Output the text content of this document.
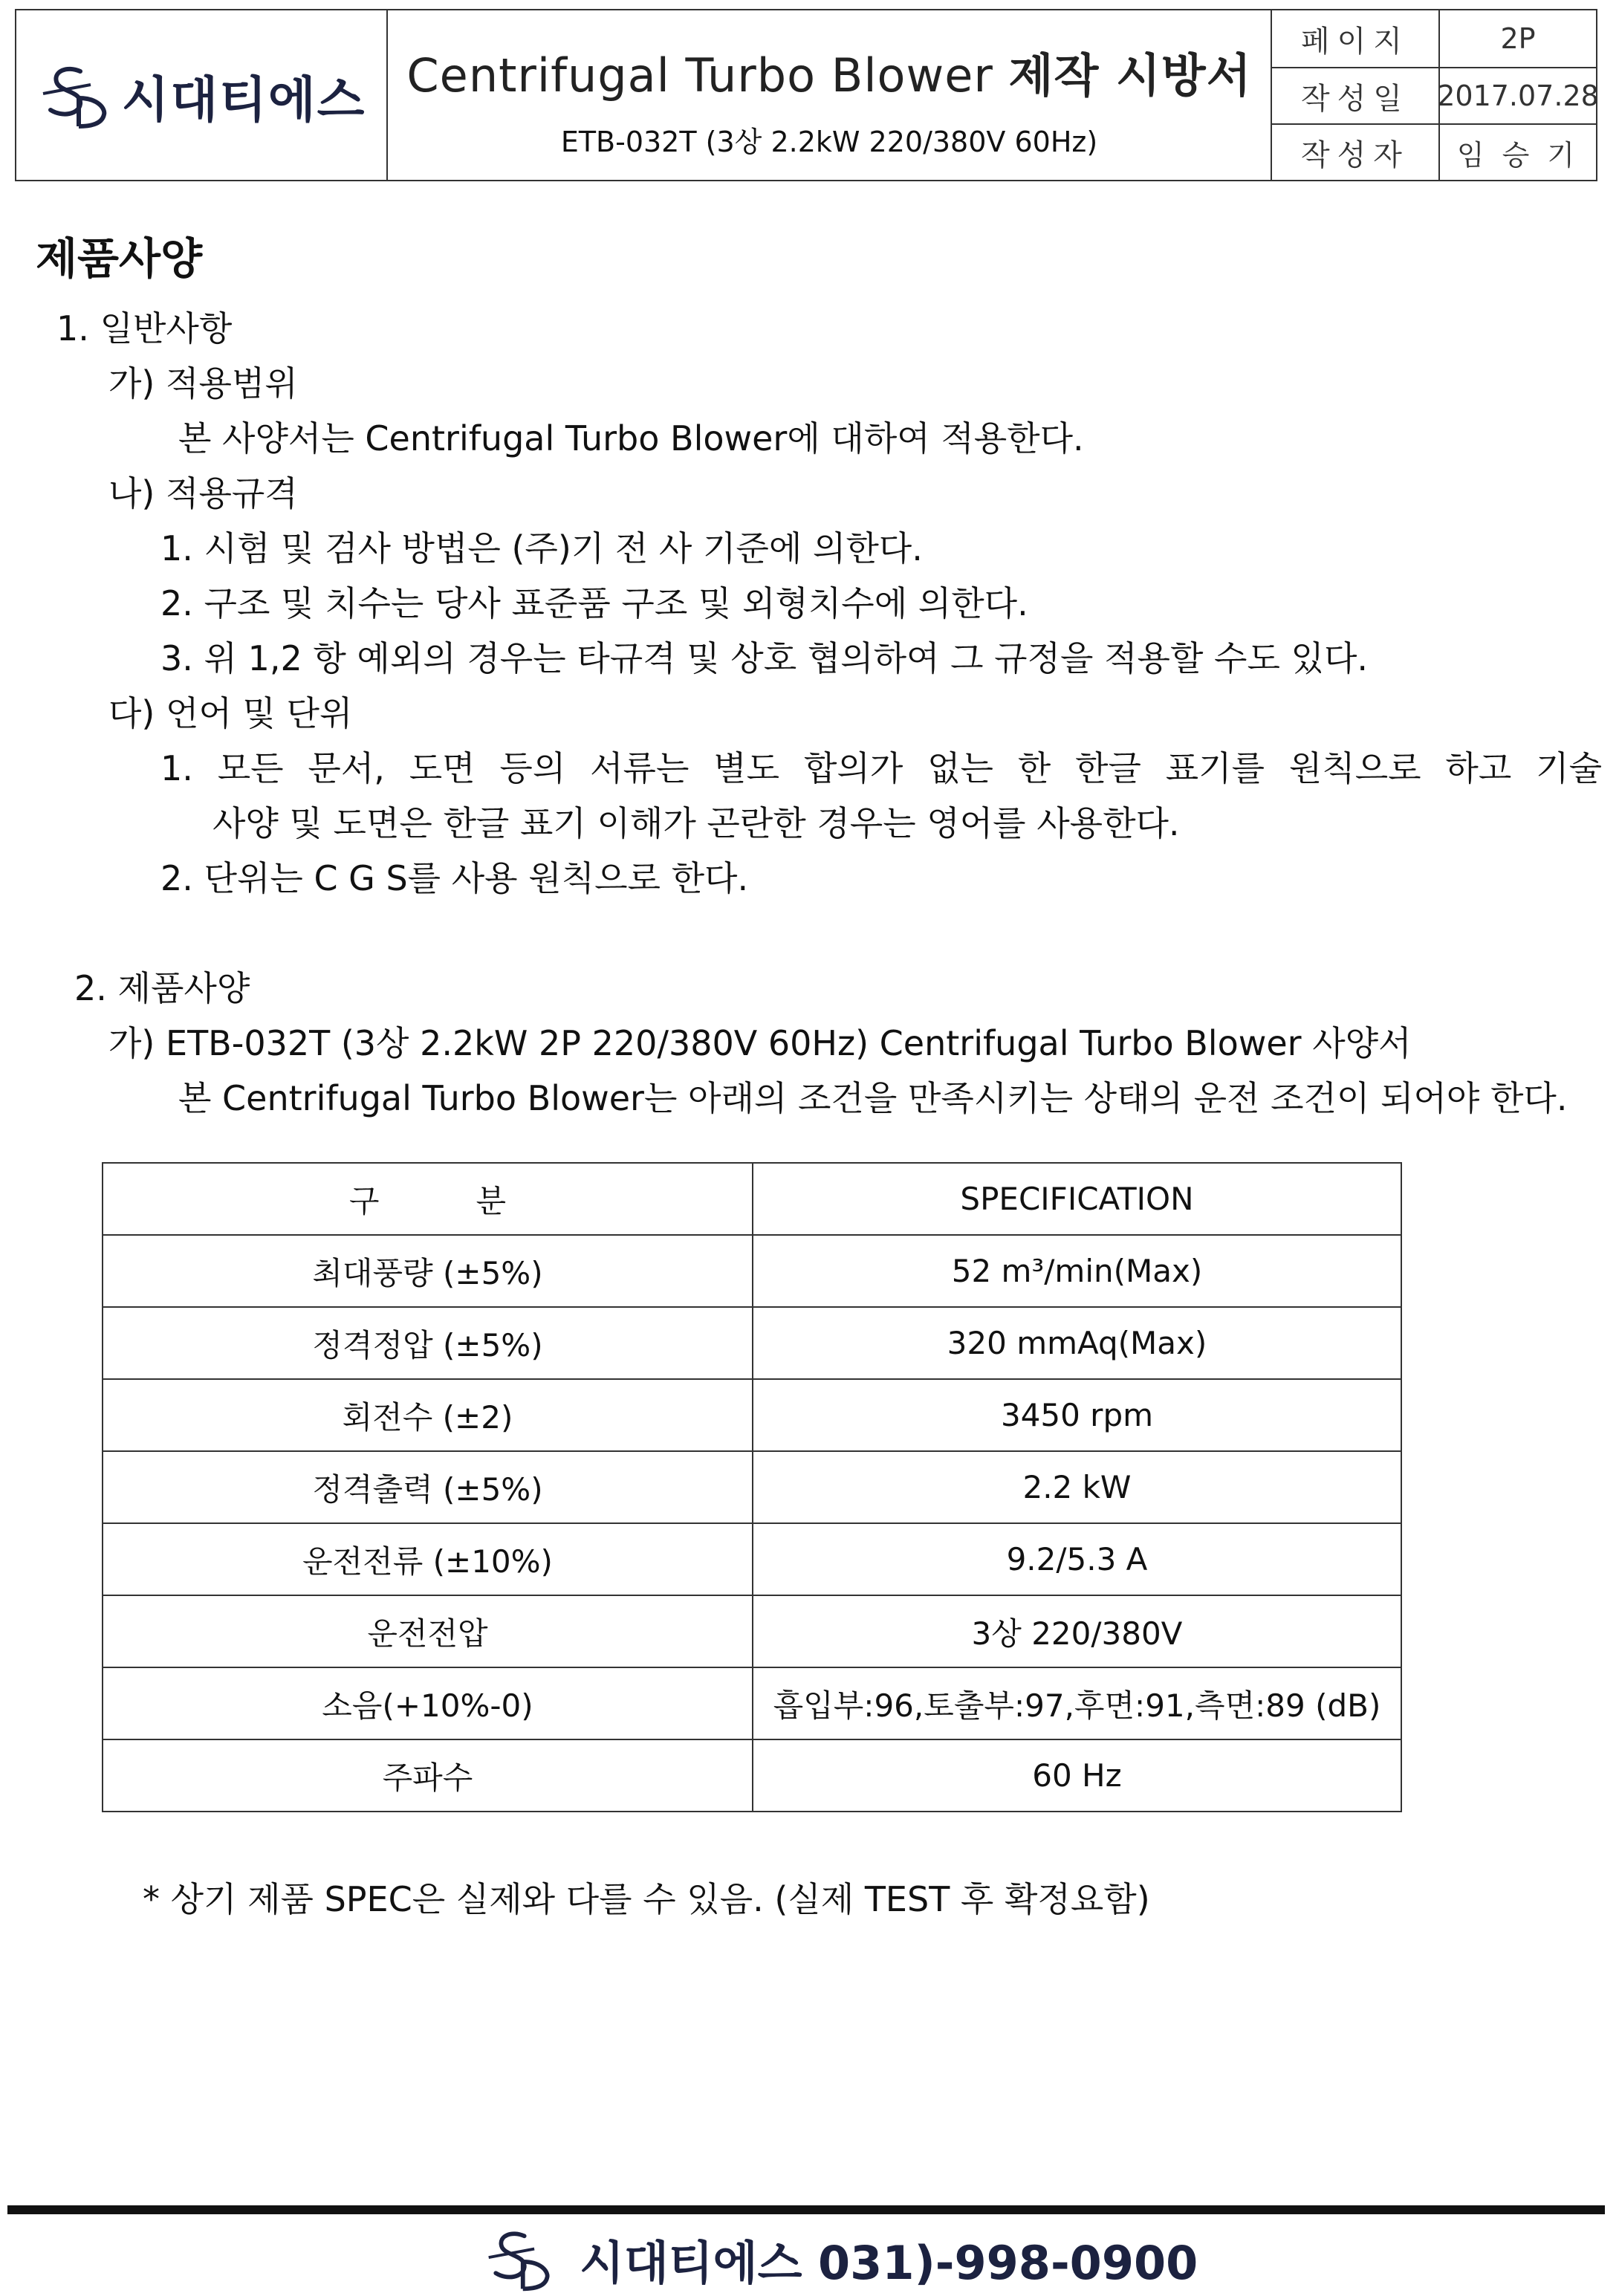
시대티에스 Centrifugal Turbo Blower 제작 시방서
ETB-032T (3상 2.2kW 220/380V 60Hz)
페이지	2P
작성일 2017.07.28
작성자	임 승 기
제품사양
1. 일반사항
가) 적용범위
본 사양서는 Centrifugal Turbo Blower에 대하여 적용한다.
나) 적용규격
1. 시험 및 검사 방법은 (주)기 전 사 기준에 의한다.
2. 구조 및 치수는 당사 표준품 구조 및 외형치수에 의한다.
3. 위 1,2 항 예외의 경우는 타규격 및 상호 협의하여 그 규정을 적용할 수도 있다.
다) 언어 및 단위
1. 모든 문서, 도면 등의 서류는 별도 합의가 없는 한 한글 표기를 원칙으로 하고 기술
사양 및 도면은 한글 표기 이해가 곤란한 경우는 영어를 사용한다.
2. 단위는 C G S를 사용 원칙으로 한다.
2. 제품사양
가) ETB-032T (3상 2.2kW 2P 220/380V 60Hz) Centrifugal Turbo Blower 사양서
본 Centrifugal Turbo Blower는 아래의 조건을 만족시키는 상태의 운전 조건이 되어야 한다.
구분	SPECIFICATION
최대풍량 (±5%)	52 m³/min(Max)
정격정압 (±5%)	320 mmAq(Max)
회전수 (±2)	3450 rpm
정격출력 (±5%)	2.2 kW
운전전류 (±10%)	9.2/5.3 A
운전전압	3상 220/380V
소음(+10%-0)	흡입부:96,토출부:97,후면:91,측면:89 (dB)
주파수	60 Hz
* 상기 제품 SPEC은 실제와 다를 수 있음. (실제 TEST 후 확정요함)
시대티에스 031)-998-0900
